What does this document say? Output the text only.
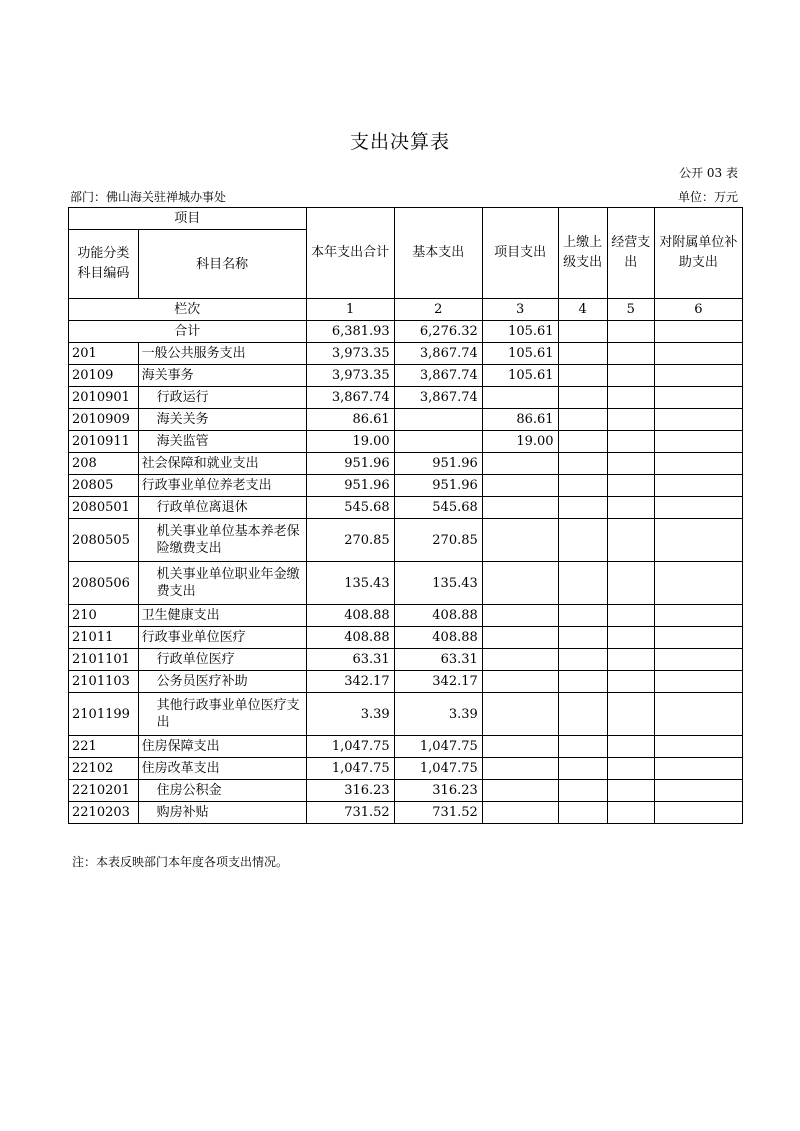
支出决算表
公开 03 表
部门：佛山海关驻禅城办事处	单位：万元
项目		本年支出合计	基本支出	项目支出	上缴上级支出	经营支出	对附属单位补助支出
功能分类科目编码	科目名称						
栏次		1	2	3	4	5	6
合计		6,381.93	6,276.32	105.61			
201	一般公共服务支出	3,973.35	3,867.74	105.61			
20109	海关事务	3,973.35	3,867.74	105.61			
2010901	行政运行	3,867.74	3,867.74				
2010909	海关关务	86.61		86.61			
2010911	海关监管	19.00		19.00			
208	社会保障和就业支出	951.96	951.96				
20805	行政事业单位养老支出	951.96	951.96				
2080501	行政单位离退休	545.68	545.68				
2080505	机关事业单位基本养老保险缴费支出	270.85	270.85				
2080506	机关事业单位职业年金缴费支出	135.43	135.43				
210	卫生健康支出	408.88	408.88				
21011	行政事业单位医疗	408.88	408.88				
2101101	行政单位医疗	63.31	63.31				
2101103	公务员医疗补助	342.17	342.17				
2101199	其他行政事业单位医疗支出	3.39	3.39				
221	住房保障支出	1,047.75	1,047.75				
22102	住房改革支出	1,047.75	1,047.75				
2210201	住房公积金	316.23	316.23				
2210203	购房补贴	731.52	731.52				
注：本表反映部门本年度各项支出情况。
